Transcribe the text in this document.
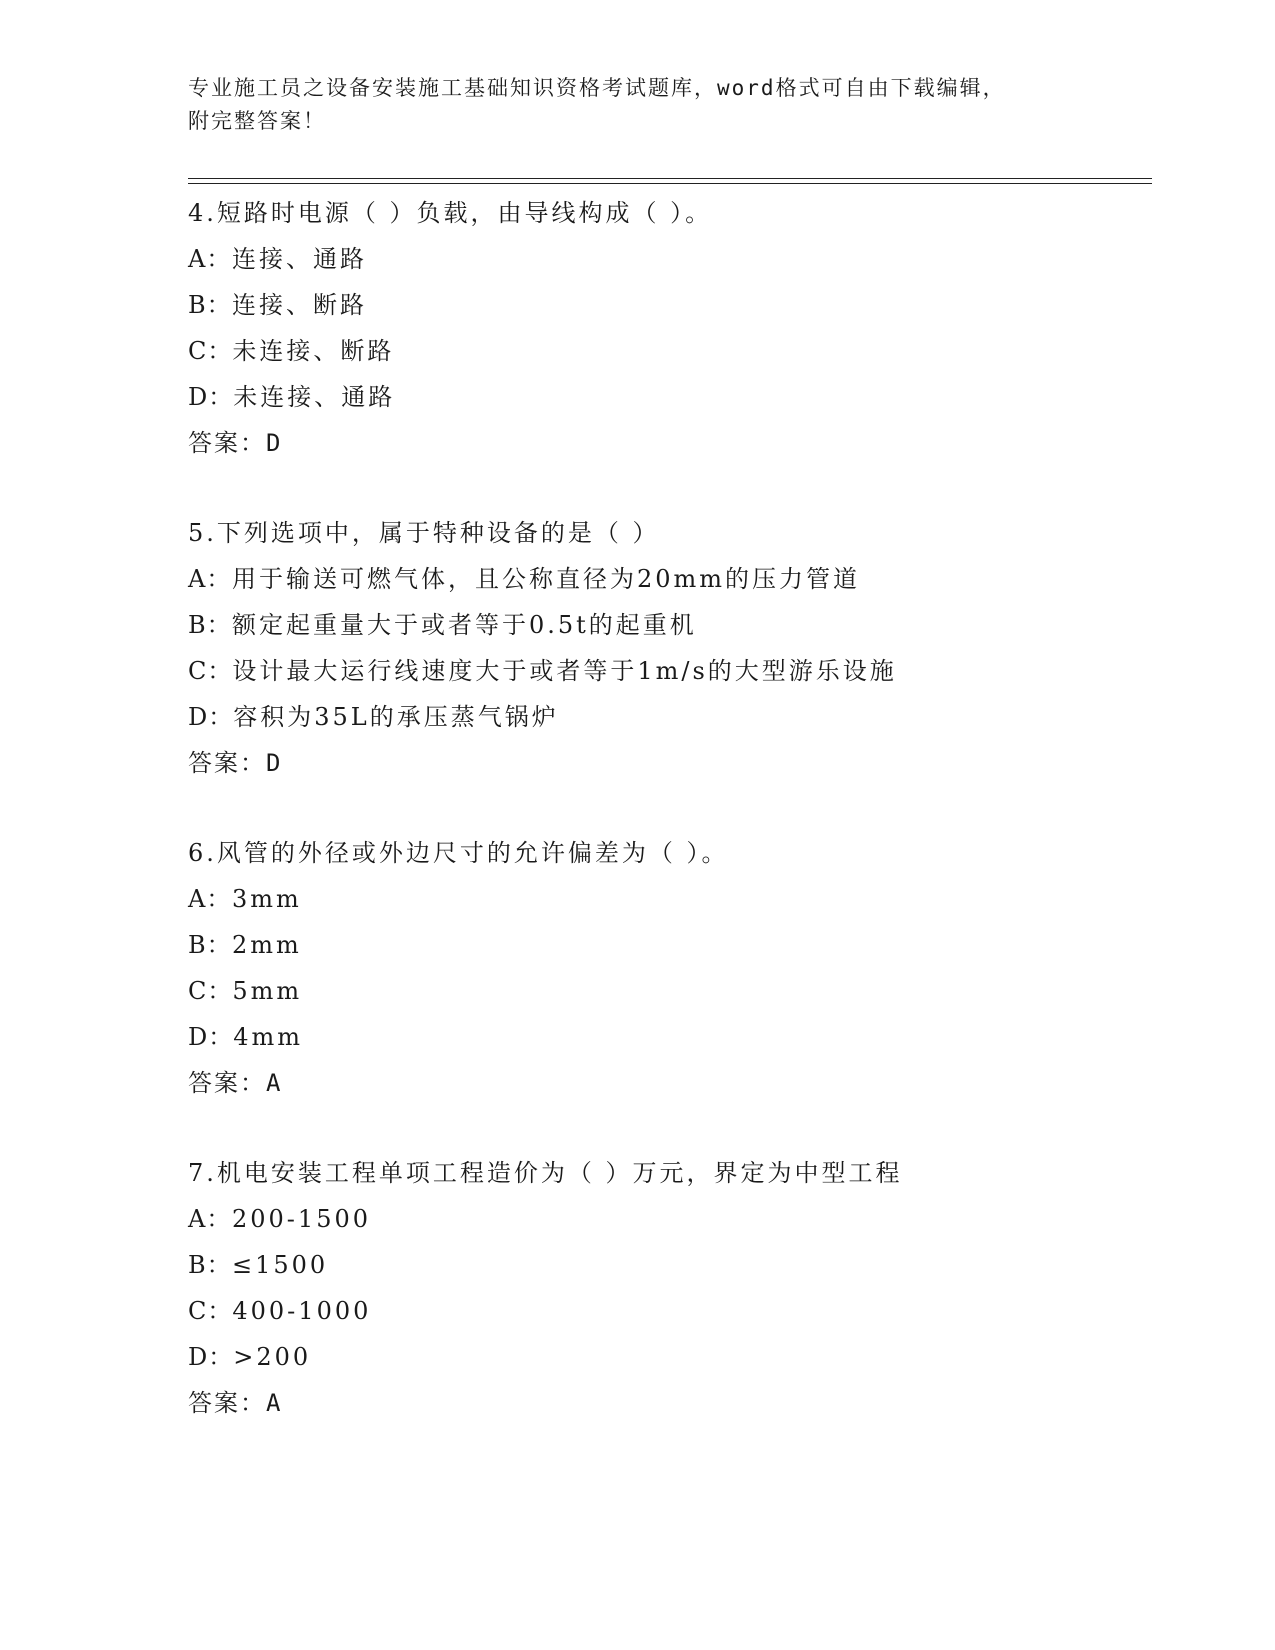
专业施工员之设备安装施工基础知识资格考试题库，word格式可自由下载编辑，
附完整答案！
4.短路时电源（ ）负载，由导线构成（ ）。
A：连接、通路
B：连接、断路
C：未连接、断路
D：未连接、通路
答案：D
5.下列选项中，属于特种设备的是（ ）
A：用于输送可燃气体，且公称直径为20mm的压力管道
B：额定起重量大于或者等于0.5t的起重机
C：设计最大运行线速度大于或者等于1m/s的大型游乐设施
D：容积为35L的承压蒸气锅炉
答案：D
6.风管的外径或外边尺寸的允许偏差为（ ）。
A：3mm
B：2mm
C：5mm
D：4mm
答案：A
7.机电安装工程单项工程造价为（ ）万元，界定为中型工程
A：200-1500
B：≤1500
C：400-1000
D：>200
答案：A
